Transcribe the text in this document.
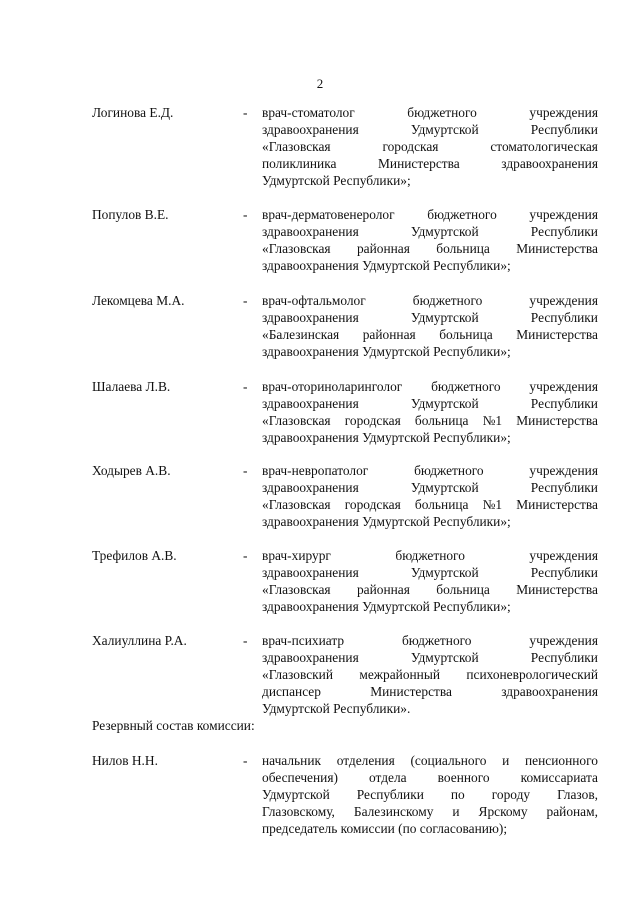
2
Логинова Е.Д.	- врач-стоматолог	бюджетного	учреждения
здравоохранения	Удмуртской	Республики
«Глазовская	городская	стоматологическая
поликлиника	Министерства	здравоохранения
Удмуртской Республики»;
Популов В.Е.	- врач-дерматовенеролог бюджетного учреждения
здравоохранения	Удмуртской	Республики
«Глазовская районная больница Министерства
здравоохранения Удмуртской Республики»;
Лекомцева М.А.	- врач-офтальмолог	бюджетного	учреждения
здравоохранения	Удмуртской	Республики
«Балезинская районная больница Министерства
здравоохранения Удмуртской Республики»;
Шалаева Л.В.	- врач-оториноларинголог бюджетного учреждения
здравоохранения	Удмуртской	Республики
«Глазовская городская больница №1 Министерства
здравоохранения Удмуртской Республики»;
Ходырев А.В.	- врач-невропатолог	бюджетного	учреждения
здравоохранения	Удмуртской	Республики
«Глазовская городская больница №1 Министерства
здравоохранения Удмуртской Республики»;
Трефилов А.В.	- врач-хирург	бюджетного	учреждения
здравоохранения	Удмуртской	Республики
«Глазовская районная больница Министерства
здравоохранения Удмуртской Республики»;
Халиуллина Р.А.	- врач-психиатр	бюджетного	учреждения
здравоохранения	Удмуртской	Республики
«Глазовский межрайонный психоневрологический
диспансер	Министерства	здравоохранения
Удмуртской Республики».
Резервный состав комиссии:
Нилов Н.Н.	- начальник отделения (социального и пенсионного
обеспечения) отдела военного комиссариата
Удмуртской Республики по городу Глазов,
Глазовскому, Балезинскому и Ярскому районам,
председатель комиссии (по согласованию);
